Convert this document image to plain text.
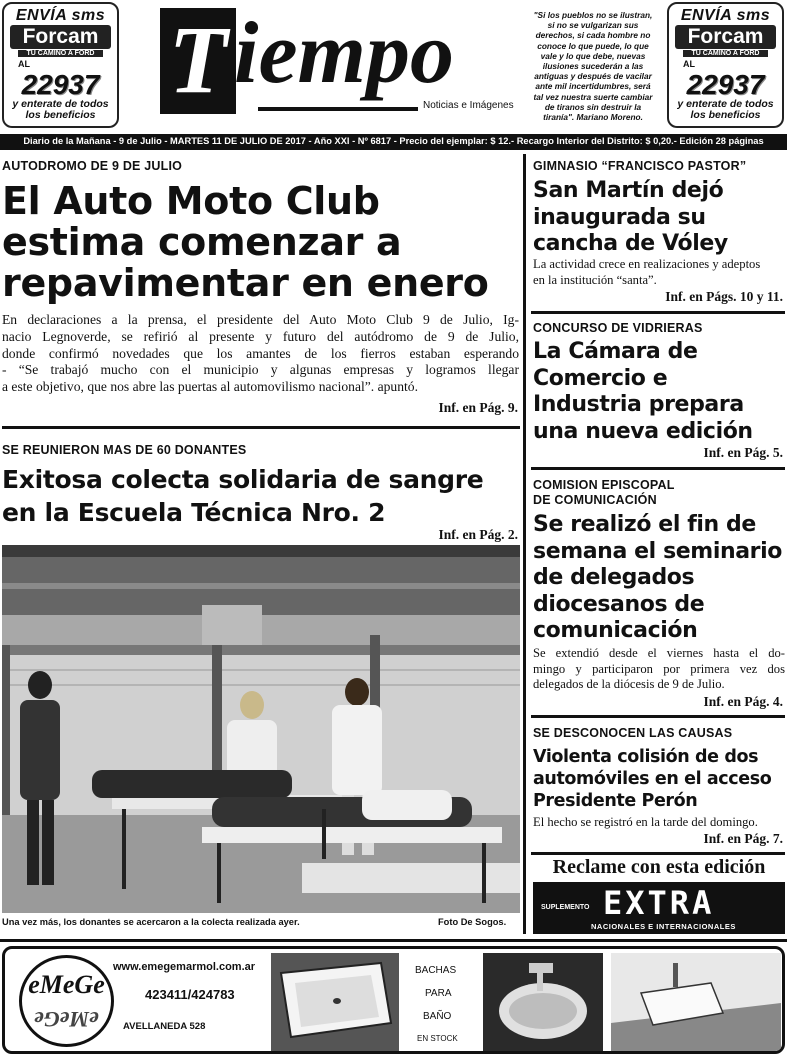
ENVÍA sms
Forcam
TU CAMINO A FORD
AL
22937
y enterate de todos
los beneficios
T iempo
Noticias e Imágenes
"Si los pueblos no se ilustran,
si no se vulgarizan sus
derechos, si cada hombre no
conoce lo que puede, lo que
vale y lo que debe, nuevas
ilusiones sucederán a las
antiguas y después de vacilar
ante mil incertidumbres, será
tal vez nuestra suerte cambiar
de tiranos sin destruir la
tiranía". Mariano Moreno.
ENVÍA sms
Forcam
TU CAMINO A FORD
AL
22937
y enterate de todos
los beneficios
Diario de la Mañana - 9 de Julio - MARTES 11 DE JULIO DE 2017 - Año XXI - Nº 6817 - Precio del ejemplar: $ 12.- Recargo Interior del Distrito: $ 0,20.- Edición 28 páginas
AUTODROMO DE 9 DE JULIO
El Auto Moto Club
estima comenzar a
repavimentar en enero
En declaraciones a la prensa, el presidente del Auto Moto Club 9 de Julio, Ig-
nacio Legnoverde, se refirió al presente y futuro del autódromo de 9 de Julio,
donde confirmó novedades que los amantes de los fierros estaban esperando
- “Se trabajó mucho con el municipio y algunas empresas y logramos llegar
a este objetivo, que nos abre las puertas al automovilismo nacional”. apuntó.
Inf. en Pág. 9.
SE REUNIERON MAS DE 60 DONANTES
Exitosa colecta solidaria de sangre
en la Escuela Técnica Nro. 2
Inf. en Pág. 2.
Una vez más, los donantes se acercaron a la colecta realizada ayer.	Foto De Sogos.
GIMNASIO “FRANCISCO PASTOR”
San Martín dejó
inaugurada su
cancha de Vóley
La actividad crece en realizaciones y adeptos
en la institución “santa”.
Inf. en Págs. 10 y 11.
CONCURSO DE VIDRIERAS
La Cámara de
Comercio e
Industria prepara
una nueva edición
Inf. en Pág. 5.
COMISION EPISCOPAL
DE COMUNICACIÓN
Se realizó el fin de
semana el seminario
de delegados
diocesanos de
comunicación
Se extendió desde el viernes hasta el do-
mingo y participaron por primera vez dos
delegados de la diócesis de 9 de Julio.
Inf. en Pág. 4.
SE DESCONOCEN LAS CAUSAS
Violenta colisión de dos
automóviles en el acceso
Presidente Perón
El hecho se registró en la tarde del domingo.
Inf. en Pág. 7.
Reclame con esta edición
SUPLEMENTO EXTRA
NACIONALES E INTERNACIONALES
eMeGe
eMeGe
www.emegemarmol.com.ar
423411/424783
AVELLANEDA 528
BACHAS
PARA
BAÑO
EN STOCK
